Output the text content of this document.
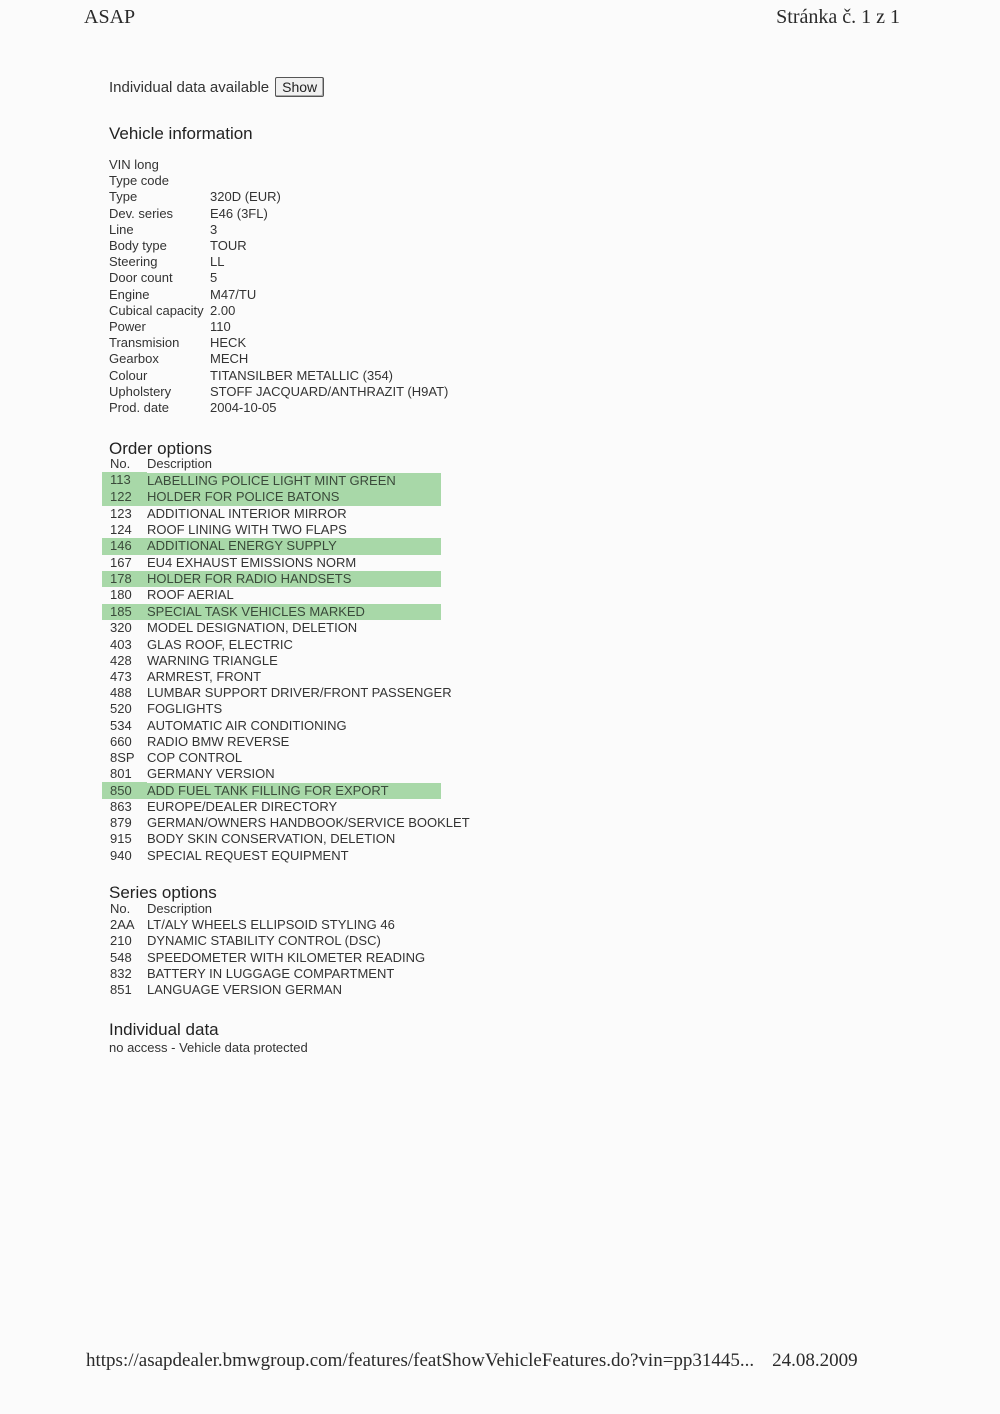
ASAP	Stránka č. 1 z 1
Individual data available Show
Vehicle information
VIN long	
Type code	
Type	320D (EUR)
Dev. series	E46 (3FL)
Line	3
Body type	TOUR
Steering	LL
Door count	5
Engine	M47/TU
Cubical capacity	2.00
Power	110
Transmision	HECK
Gearbox	MECH
Colour	TITANSILBER METALLIC (354)
Upholstery	STOFF JACQUARD/ANTHRAZIT (H9AT)
Prod. date	2004-10-05
Order options
No.	Description
113	LABELLING POLICE LIGHT MINT GREEN
122	HOLDER FOR POLICE BATONS
123	ADDITIONAL INTERIOR MIRROR
124	ROOF LINING WITH TWO FLAPS
146	ADDITIONAL ENERGY SUPPLY
167	EU4 EXHAUST EMISSIONS NORM
178	HOLDER FOR RADIO HANDSETS
180	ROOF AERIAL
185	SPECIAL TASK VEHICLES MARKED
320	MODEL DESIGNATION, DELETION
403	GLAS ROOF, ELECTRIC
428	WARNING TRIANGLE
473	ARMREST, FRONT
488	LUMBAR SUPPORT DRIVER/FRONT PASSENGER
520	FOGLIGHTS
534	AUTOMATIC AIR CONDITIONING
660	RADIO BMW REVERSE
8SP	COP CONTROL
801	GERMANY VERSION
850	ADD FUEL TANK FILLING FOR EXPORT
863	EUROPE/DEALER DIRECTORY
879	GERMAN/OWNERS HANDBOOK/SERVICE BOOKLET
915	BODY SKIN CONSERVATION, DELETION
940	SPECIAL REQUEST EQUIPMENT
Series options
No.	Description
2AA	LT/ALY WHEELS ELLIPSOID STYLING 46
210	DYNAMIC STABILITY CONTROL (DSC)
548	SPEEDOMETER WITH KILOMETER READING
832	BATTERY IN LUGGAGE COMPARTMENT
851	LANGUAGE VERSION GERMAN
Individual data
no access - Vehicle data protected
https://asapdealer.bmwgroup.com/features/featShowVehicleFeatures.do?vin=pp31445... 24.08.2009
